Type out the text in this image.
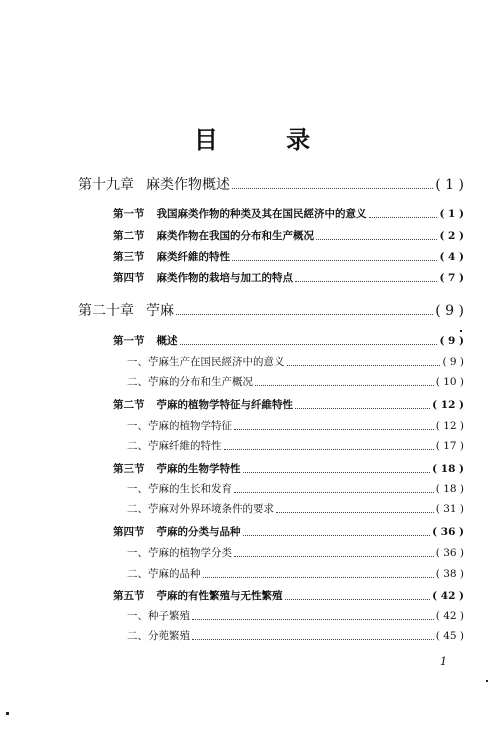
目 录
第十九章 麻类作物概述	( 1 )
第一节 我国麻类作物的种类及其在国民經济中的意义	( 1 )
第二节 麻类作物在我国的分布和生产概况	( 2 )
第三节 麻类纤維的特性	( 4 )
第四节 麻类作物的栽培与加工的特点	( 7 )
第二十章 苧麻	( 9 )
第一节 概述	( 9 )
一、苧麻生产在国民經济中的意义	( 9 )
二、苧麻的分布和生产概况	( 10 )
第二节 苧麻的植物学特征与纤維特性	( 12 )
一、苧麻的植物学特征	( 12 )
二、苧麻纤維的特性	( 17 )
第三节 苧麻的生物学特性	( 18 )
一、苧麻的生长和发育	( 18 )
二、苧麻对外界环境条件的要求	( 31 )
第四节 苧麻的分类与品种	( 36 )
一、苧麻的植物学分类	( 36 )
二、苧麻的品种	( 38 )
第五节 苧麻的有性繁殖与无性繁殖	( 42 )
一、种子繁殖	( 42 )
二、分蔸繁殖	( 45 )
1
